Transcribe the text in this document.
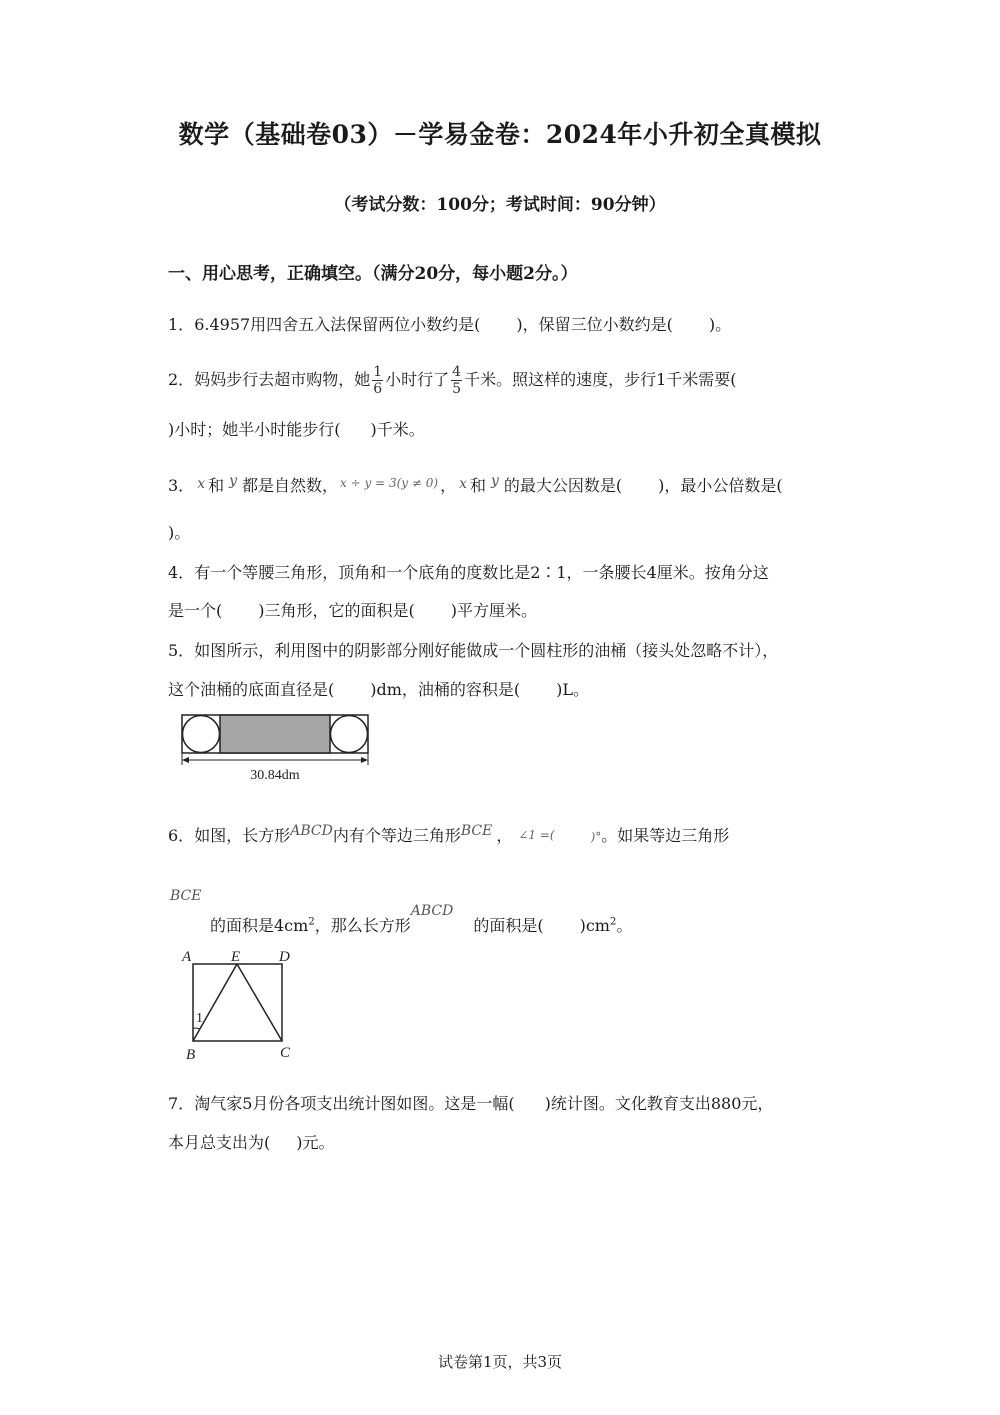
数学（基础卷03）－学易金卷：2024年小升初全真模拟
（考试分数：100分；考试时间：90分钟）
一、用心思考，正确填空。（满分20分，每小题2分。）
1．6.4957用四舍五入法保留两位小数约是( )，保留三位小数约是( )。
2．妈妈步行去超市购物，她 $\frac{1}{6}$ 小时行了 $\frac{4}{5}$ 千米。照这样的速度，步行1千米需要(
)小时；她半小时能步行( )千米。
3． x 和 y 都是自然数， $^{x \div y = 3(y \ne 0)}$ ， x 和 y 的最大公因数是( )，最小公倍数是(
)。
4．有一个等腰三角形，顶角和一个底角的度数比是2∶1，一条腰长4厘米。按角分这
是一个( )三角形，它的面积是( )平方厘米。
5．如图所示，利用图中的阴影部分刚好能做成一个圆柱形的油桶（接头处忽略不计），
这个油桶的底面直径是( )dm，油桶的容积是( )L。
30.84dm
6．如图，长方形ABCD内有个等边三角形BCE ， ∠1 =(	)°。如果等边三角形
BCE
的面积是$4cm^2$，那么长方形ABCD的面积是( )$cm^2$。
A	E	D
B	C
1
7．淘气家5月份各项支出统计图如图。这是一幅( )统计图。文化教育支出880元，
本月总支出为( )元。
试卷第1页，共3页
